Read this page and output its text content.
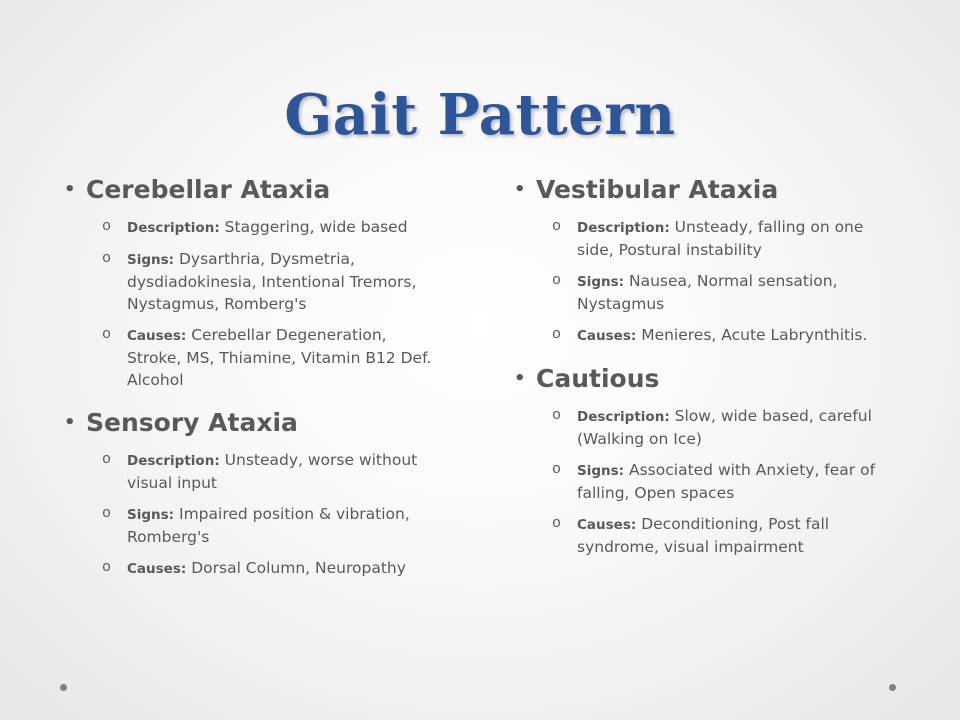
Gait Pattern
• Cerebellar Ataxia
o Description: Staggering, wide based
o Signs: Dysarthria, Dysmetria, dysdiadokinesia, Intentional Tremors, Nystagmus, Romberg's
o Causes: Cerebellar Degeneration, Stroke, MS, Thiamine, Vitamin B12 Def. Alcohol
• Sensory Ataxia
o Description: Unsteady, worse without visual input
o Signs: Impaired position & vibration, Romberg's
o Causes: Dorsal Column, Neuropathy
• Vestibular Ataxia
o Description: Unsteady, falling on one side, Postural instability
o Signs: Nausea, Normal sensation, Nystagmus
o Causes: Menieres, Acute Labrynthitis.
• Cautious
o Description: Slow, wide based, careful (Walking on Ice)
o Signs: Associated with Anxiety, fear of falling, Open spaces
o Causes: Deconditioning, Post fall syndrome, visual impairment
